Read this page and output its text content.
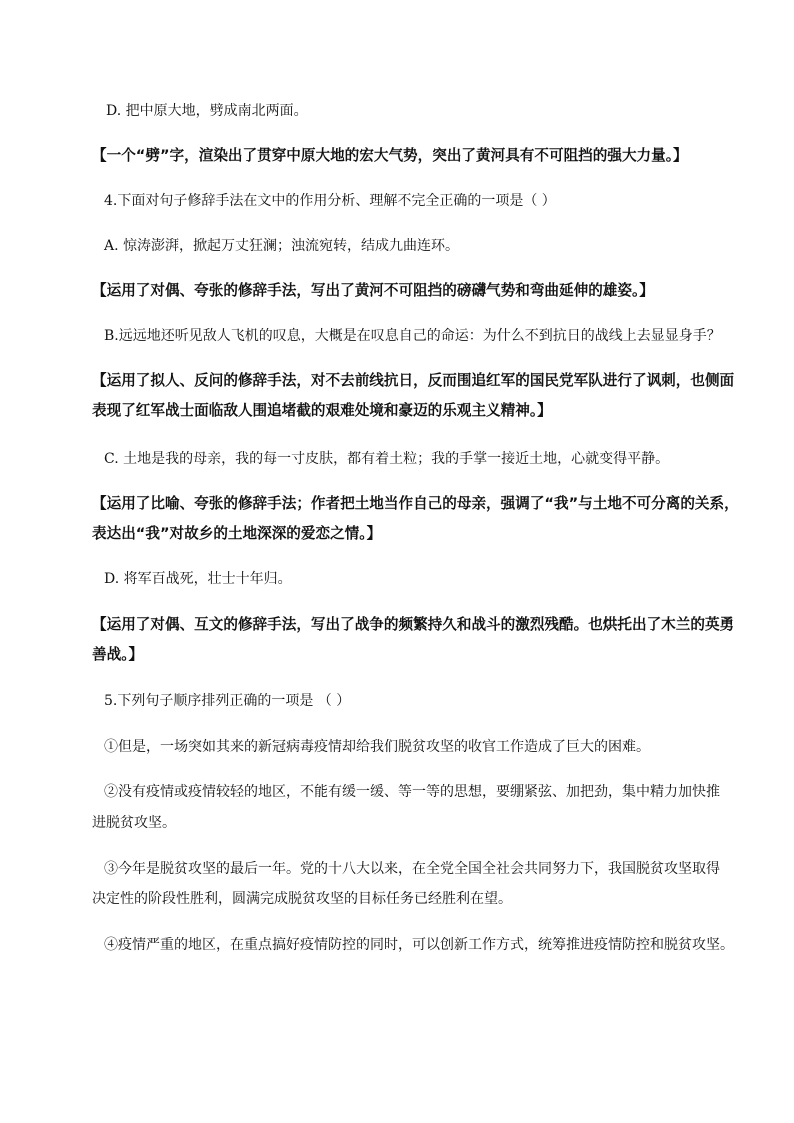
D. 把中原大地，劈成南北两面。
【一个“劈”字，渲染出了贯穿中原大地的宏大气势，突出了黄河具有不可阻挡的强大力量。】
4.下面对句子修辞手法在文中的作用分析、理解不完全正确的一项是（ ）
A. 惊涛澎湃，掀起万丈狂澜；浊流宛转，结成九曲连环。
【运用了对偶、夸张的修辞手法，写出了黄河不可阻挡的磅礴气势和弯曲延伸的雄姿。】
B.远远地还听见敌人飞机的叹息，大概是在叹息自己的命运：为什么不到抗日的战线上去显显身手？
【运用了拟人、反问的修辞手法，对不去前线抗日，反而围追红军的国民党军队进行了讽刺，也侧面
表现了红军战士面临敌人围追堵截的艰难处境和豪迈的乐观主义精神。】
C. 土地是我的母亲，我的每一寸皮肤，都有着土粒；我的手掌一接近土地，心就变得平静。
【运用了比喻、夸张的修辞手法；作者把土地当作自己的母亲，强调了“我”与土地不可分离的关系，
表达出“我”对故乡的土地深深的爱恋之情。】
D. 将军百战死，壮士十年归。
【运用了对偶、互文的修辞手法，写出了战争的频繁持久和战斗的激烈残酷。也烘托出了木兰的英勇
善战。】
5.下列句子顺序排列正确的一项是 （ ）
①但是，一场突如其来的新冠病毒疫情却给我们脱贫攻坚的收官工作造成了巨大的困难。
②没有疫情或疫情较轻的地区，不能有缓一缓、等一等的思想，要绷紧弦、加把劲，集中精力加快推
进脱贫攻坚。
③今年是脱贫攻坚的最后一年。党的十八大以来，在全党全国全社会共同努力下，我国脱贫攻坚取得
决定性的阶段性胜利，圆满完成脱贫攻坚的目标任务已经胜利在望。
④疫情严重的地区，在重点搞好疫情防控的同时，可以创新工作方式，统筹推进疫情防控和脱贫攻坚。
